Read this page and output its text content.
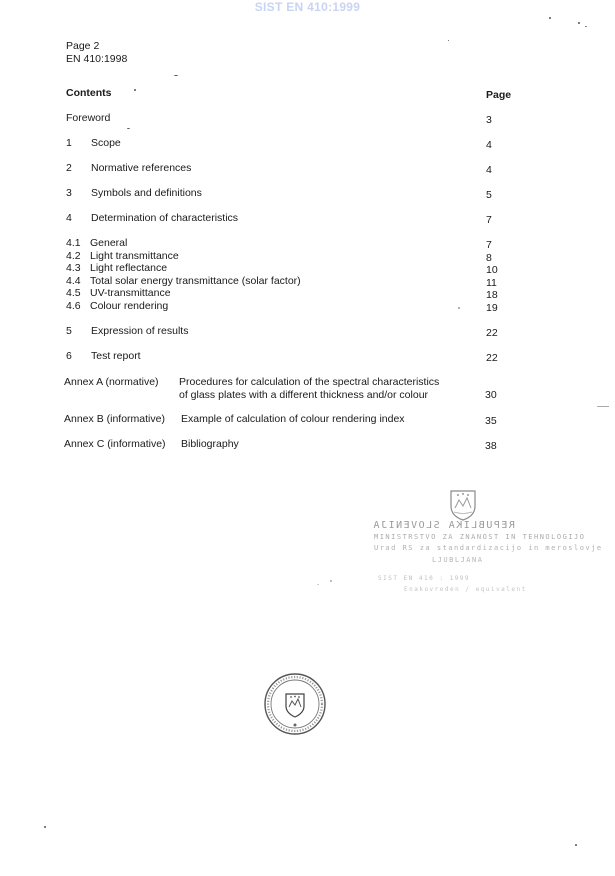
SIST EN 410:1999
Page 2
EN 410:1998
Contents	Page
Foreword	3
1 Scope	4
2 Normative references	4
3 Symbols and definitions	5
4 Determination of characteristics	7
4.1 General	7
4.2 Light transmittance	8
4.3 Light reflectance	10
4.4 Total solar energy transmittance (solar factor)	11
4.5 UV-transmittance	18
4.6 Colour rendering	19
5 Expression of results	22
6 Test report	22
Annex A (normative) Procedures for calculation of the spectral characteristics
of glass plates with a different thickness and/or colour	30
Annex B (informative) Example of calculation of colour rendering index	35
Annex C (informative) Bibliography	38
REPUBLIKA SLOVENIJA
MINISTRSTVO ZA ZNANOST IN TEHNOLOGIJO
Urad RS za standardizacijo in meroslovje
LJUBLJANA
SIST EN 410 : 1999
Enakovreden / equivalent
